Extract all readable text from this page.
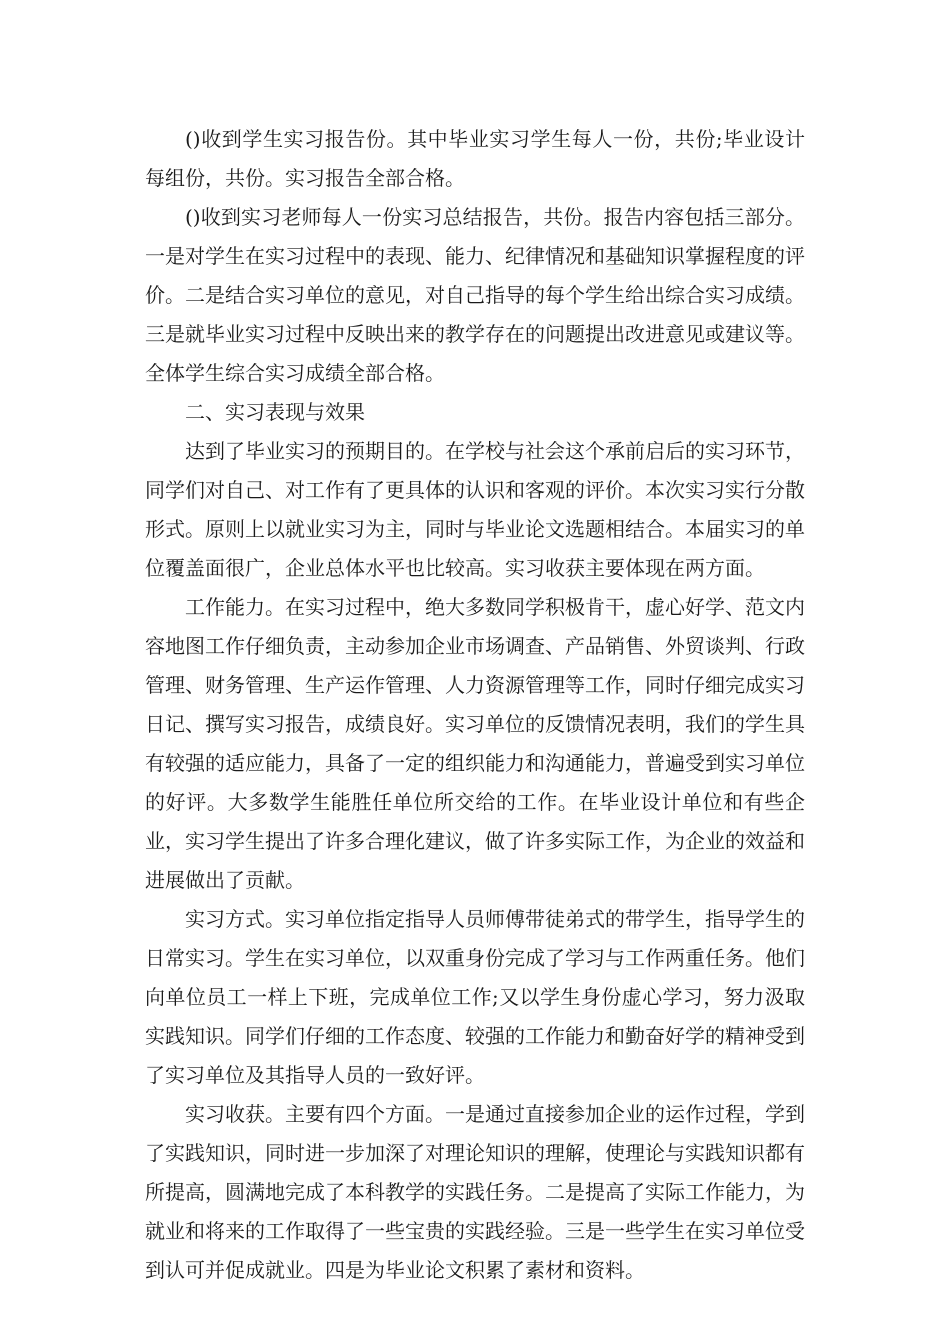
()收到学生实习报告份。其中毕业实习学生每人一份，共份;毕业设计每组份，共份。实习报告全部合格。

()收到实习老师每人一份实习总结报告，共份。报告内容包括三部分。一是对学生在实习过程中的表现、能力、纪律情况和基础知识掌握程度的评价。二是结合实习单位的意见，对自己指导的每个学生给出综合实习成绩。三是就毕业实习过程中反映出来的教学存在的问题提出改进意见或建议等。全体学生综合实习成绩全部合格。

二、实习表现与效果

达到了毕业实习的预期目的。在学校与社会这个承前启后的实习环节，同学们对自己、对工作有了更具体的认识和客观的评价。本次实习实行分散形式。原则上以就业实习为主，同时与毕业论文选题相结合。本届实习的单位覆盖面很广，企业总体水平也比较高。实习收获主要体现在两方面。

工作能力。在实习过程中，绝大多数同学积极肯干，虚心好学、范文内容地图工作仔细负责，主动参加企业市场调查、产品销售、外贸谈判、行政管理、财务管理、生产运作管理、人力资源管理等工作，同时仔细完成实习日记、撰写实习报告，成绩良好。实习单位的反馈情况表明，我们的学生具有较强的适应能力，具备了一定的组织能力和沟通能力，普遍受到实习单位的好评。大多数学生能胜任单位所交给的工作。在毕业设计单位和有些企业，实习学生提出了许多合理化建议，做了许多实际工作，为企业的效益和进展做出了贡献。

实习方式。实习单位指定指导人员师傅带徒弟式的带学生，指导学生的日常实习。学生在实习单位，以双重身份完成了学习与工作两重任务。他们向单位员工一样上下班，完成单位工作;又以学生身份虚心学习，努力汲取实践知识。同学们仔细的工作态度、较强的工作能力和勤奋好学的精神受到了实习单位及其指导人员的一致好评。

实习收获。主要有四个方面。一是通过直接参加企业的运作过程，学到了实践知识，同时进一步加深了对理论知识的理解，使理论与实践知识都有所提高，圆满地完成了本科教学的实践任务。二是提高了实际工作能力，为就业和将来的工作取得了一些宝贵的实践经验。三是一些学生在实习单位受到认可并促成就业。四是为毕业论文积累了素材和资料。
